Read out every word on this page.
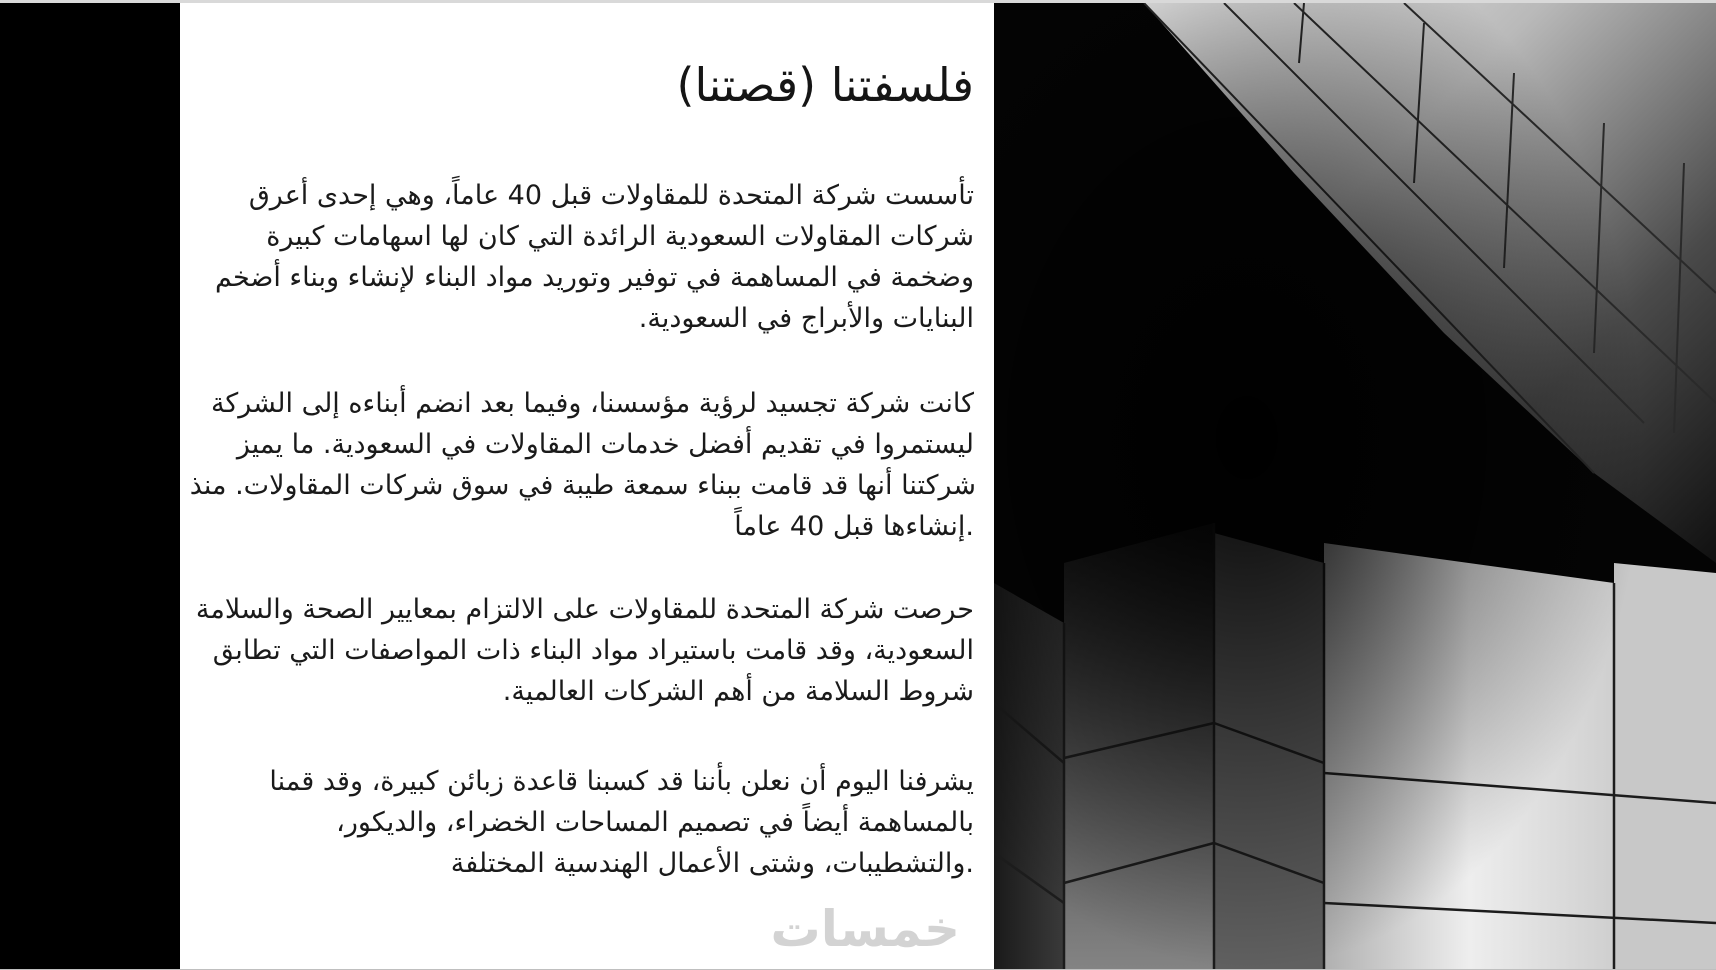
فلسفتنا (قصتنا)

تأسست شركة المتحدة للمقاولات قبل 40 عاماً، وهي إحدى أعرق
شركات المقاولات السعودية الرائدة التي كان لها اسهامات كبيرة
وضخمة في المساهمة في توفير وتوريد مواد البناء لإنشاء وبناء أضخم
البنايات والأبراج في السعودية.

كانت شركة تجسيد لرؤية مؤسسنا، وفيما بعد انضم أبناءه إلى الشركة
ليستمروا في تقديم أفضل خدمات المقاولات في السعودية. ما يميز
شركتنا أنها قد قامت ببناء سمعة طيبة في سوق شركات المقاولات. منذ
.إنشاءها قبل 40 عاماً

حرصت شركة المتحدة للمقاولات على الالتزام بمعايير الصحة والسلامة
السعودية، وقد قامت باستيراد مواد البناء ذات المواصفات التي تطابق
شروط السلامة من أهم الشركات العالمية.

يشرفنا اليوم أن نعلن بأننا قد كسبنا قاعدة زبائن كبيرة، وقد قمنا
بالمساهمة أيضاً في تصميم المساحات الخضراء، والديكور،
.والتشطيبات، وشتى الأعمال الهندسية المختلفة

خمسات
